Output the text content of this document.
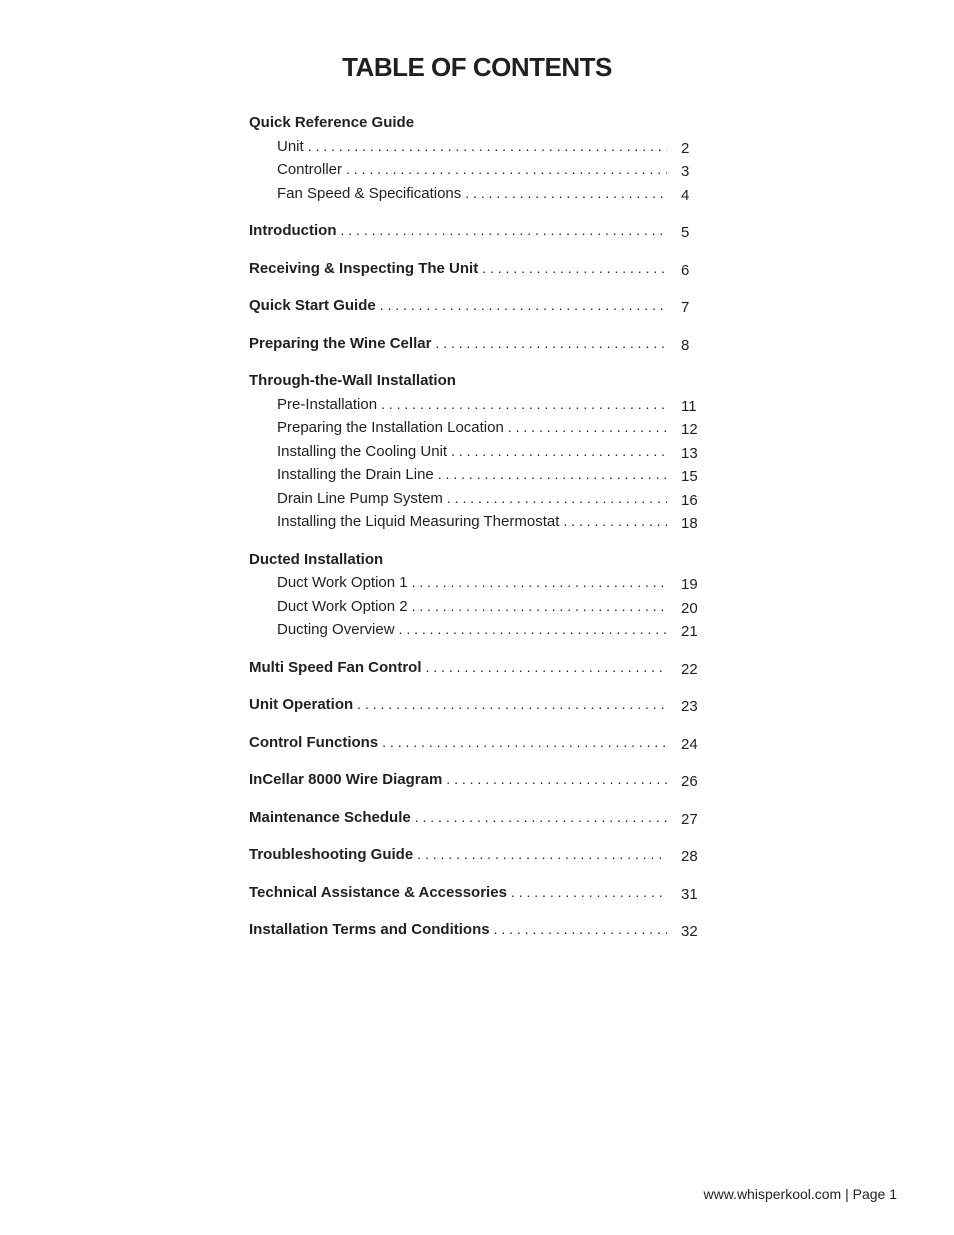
TABLE OF CONTENTS
Quick Reference Guide
Unit . . .	2
Controller . . .	3
Fan Speed & Specifications . . .	4
Introduction . . .	5
Receiving & Inspecting The Unit . . .	6
Quick Start Guide . . .	7
Preparing the Wine Cellar . . .	8
Through-the-Wall Installation
Pre-Installation . . .	11
Preparing the Installation Location . . .	12
Installing the Cooling Unit . . .	13
Installing the Drain Line . . .	15
Drain Line Pump System . . .	16
Installing the Liquid Measuring Thermostat . . .	18
Ducted Installation
Duct Work Option 1 . . .	19
Duct Work Option 2 . . .	20
Ducting Overview . . .	21
Multi Speed Fan Control . . .	22
Unit Operation . . .	23
Control Functions . . .	24
InCellar 8000 Wire Diagram . . .	26
Maintenance Schedule . . .	27
Troubleshooting Guide . . .	28
Technical Assistance & Accessories . . .	31
Installation Terms and Conditions . . .	32
www.whisperkool.com | Page 1
